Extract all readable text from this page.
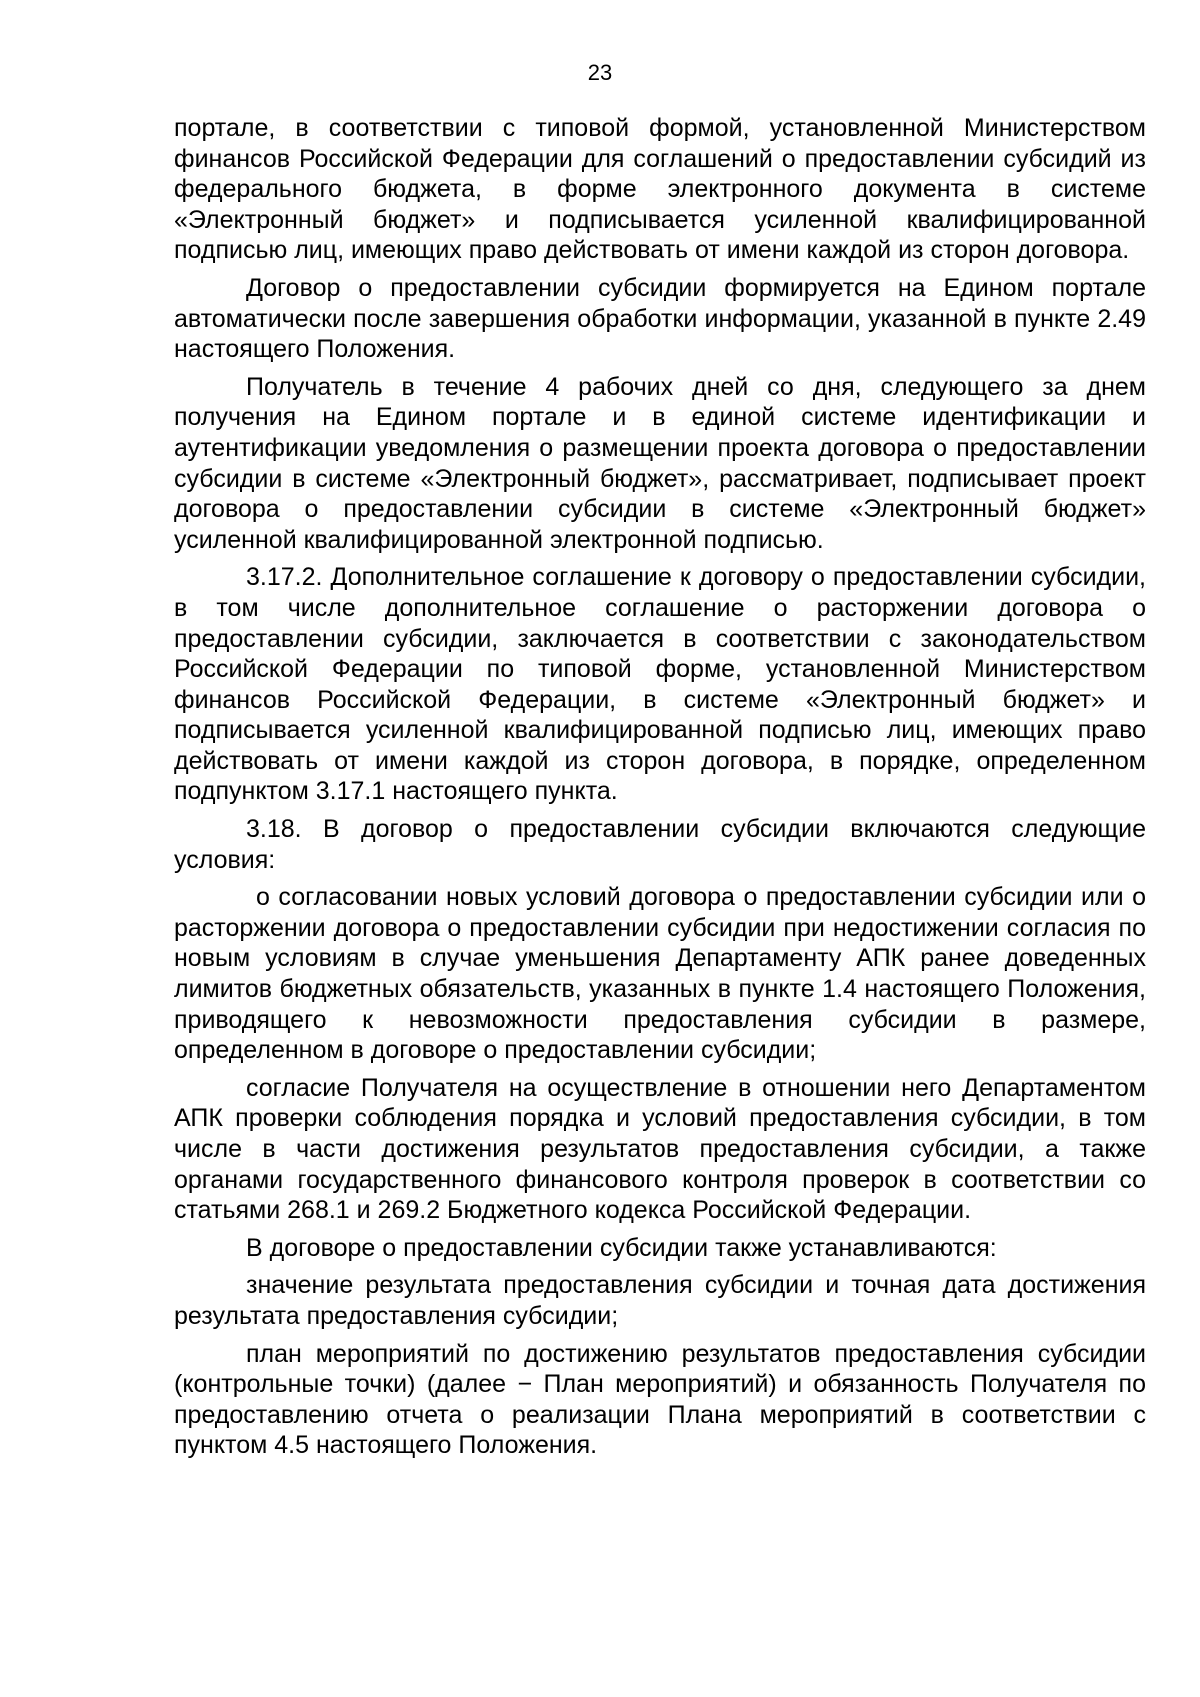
23

портале, в соответствии с типовой формой, установленной Министерством финансов Российской Федерации для соглашений о предоставлении субсидий из федерального бюджета, в форме электронного документа в системе «Электронный бюджет» и подписывается усиленной квалифицированной подписью лиц, имеющих право действовать от имени каждой из сторон договора.

Договор о предоставлении субсидии формируется на Едином портале автоматически после завершения обработки информации, указанной в пункте 2.49 настоящего Положения.

Получатель в течение 4 рабочих дней со дня, следующего за днем получения на Едином портале и в единой системе идентификации и аутентификации уведомления о размещении проекта договора о предоставлении субсидии в системе «Электронный бюджет», рассматривает, подписывает проект договора о предоставлении субсидии в системе «Электронный бюджет» усиленной квалифицированной электронной подписью.

3.17.2. Дополнительное соглашение к договору о предоставлении субсидии, в том числе дополнительное соглашение о расторжении договора о предоставлении субсидии, заключается в соответствии с законодательством Российской Федерации по типовой форме, установленной Министерством финансов Российской Федерации, в системе «Электронный бюджет» и подписывается усиленной квалифицированной подписью лиц, имеющих право действовать от имени каждой из сторон договора, в порядке, определенном подпунктом 3.17.1 настоящего пункта.

3.18. В договор о предоставлении субсидии включаются следующие условия:

о согласовании новых условий договора о предоставлении субсидии или о расторжении договора о предоставлении субсидии при недостижении согласия по новым условиям в случае уменьшения Департаменту АПК ранее доведенных лимитов бюджетных обязательств, указанных в пункте 1.4 настоящего Положения, приводящего к невозможности предоставления субсидии в размере, определенном в договоре о предоставлении субсидии;

согласие Получателя на осуществление в отношении него Департаментом АПК проверки соблюдения порядка и условий предоставления субсидии, в том числе в части достижения результатов предоставления субсидии, а также органами государственного финансового контроля проверок в соответствии со статьями 268.1 и 269.2 Бюджетного кодекса Российской Федерации.

В договоре о предоставлении субсидии также устанавливаются:

значение результата предоставления субсидии и точная дата достижения результата предоставления субсидии;

план мероприятий по достижению результатов предоставления субсидии (контрольные точки) (далее − План мероприятий) и обязанность Получателя по предоставлению отчета о реализации Плана мероприятий в соответствии с пунктом 4.5 настоящего Положения.
